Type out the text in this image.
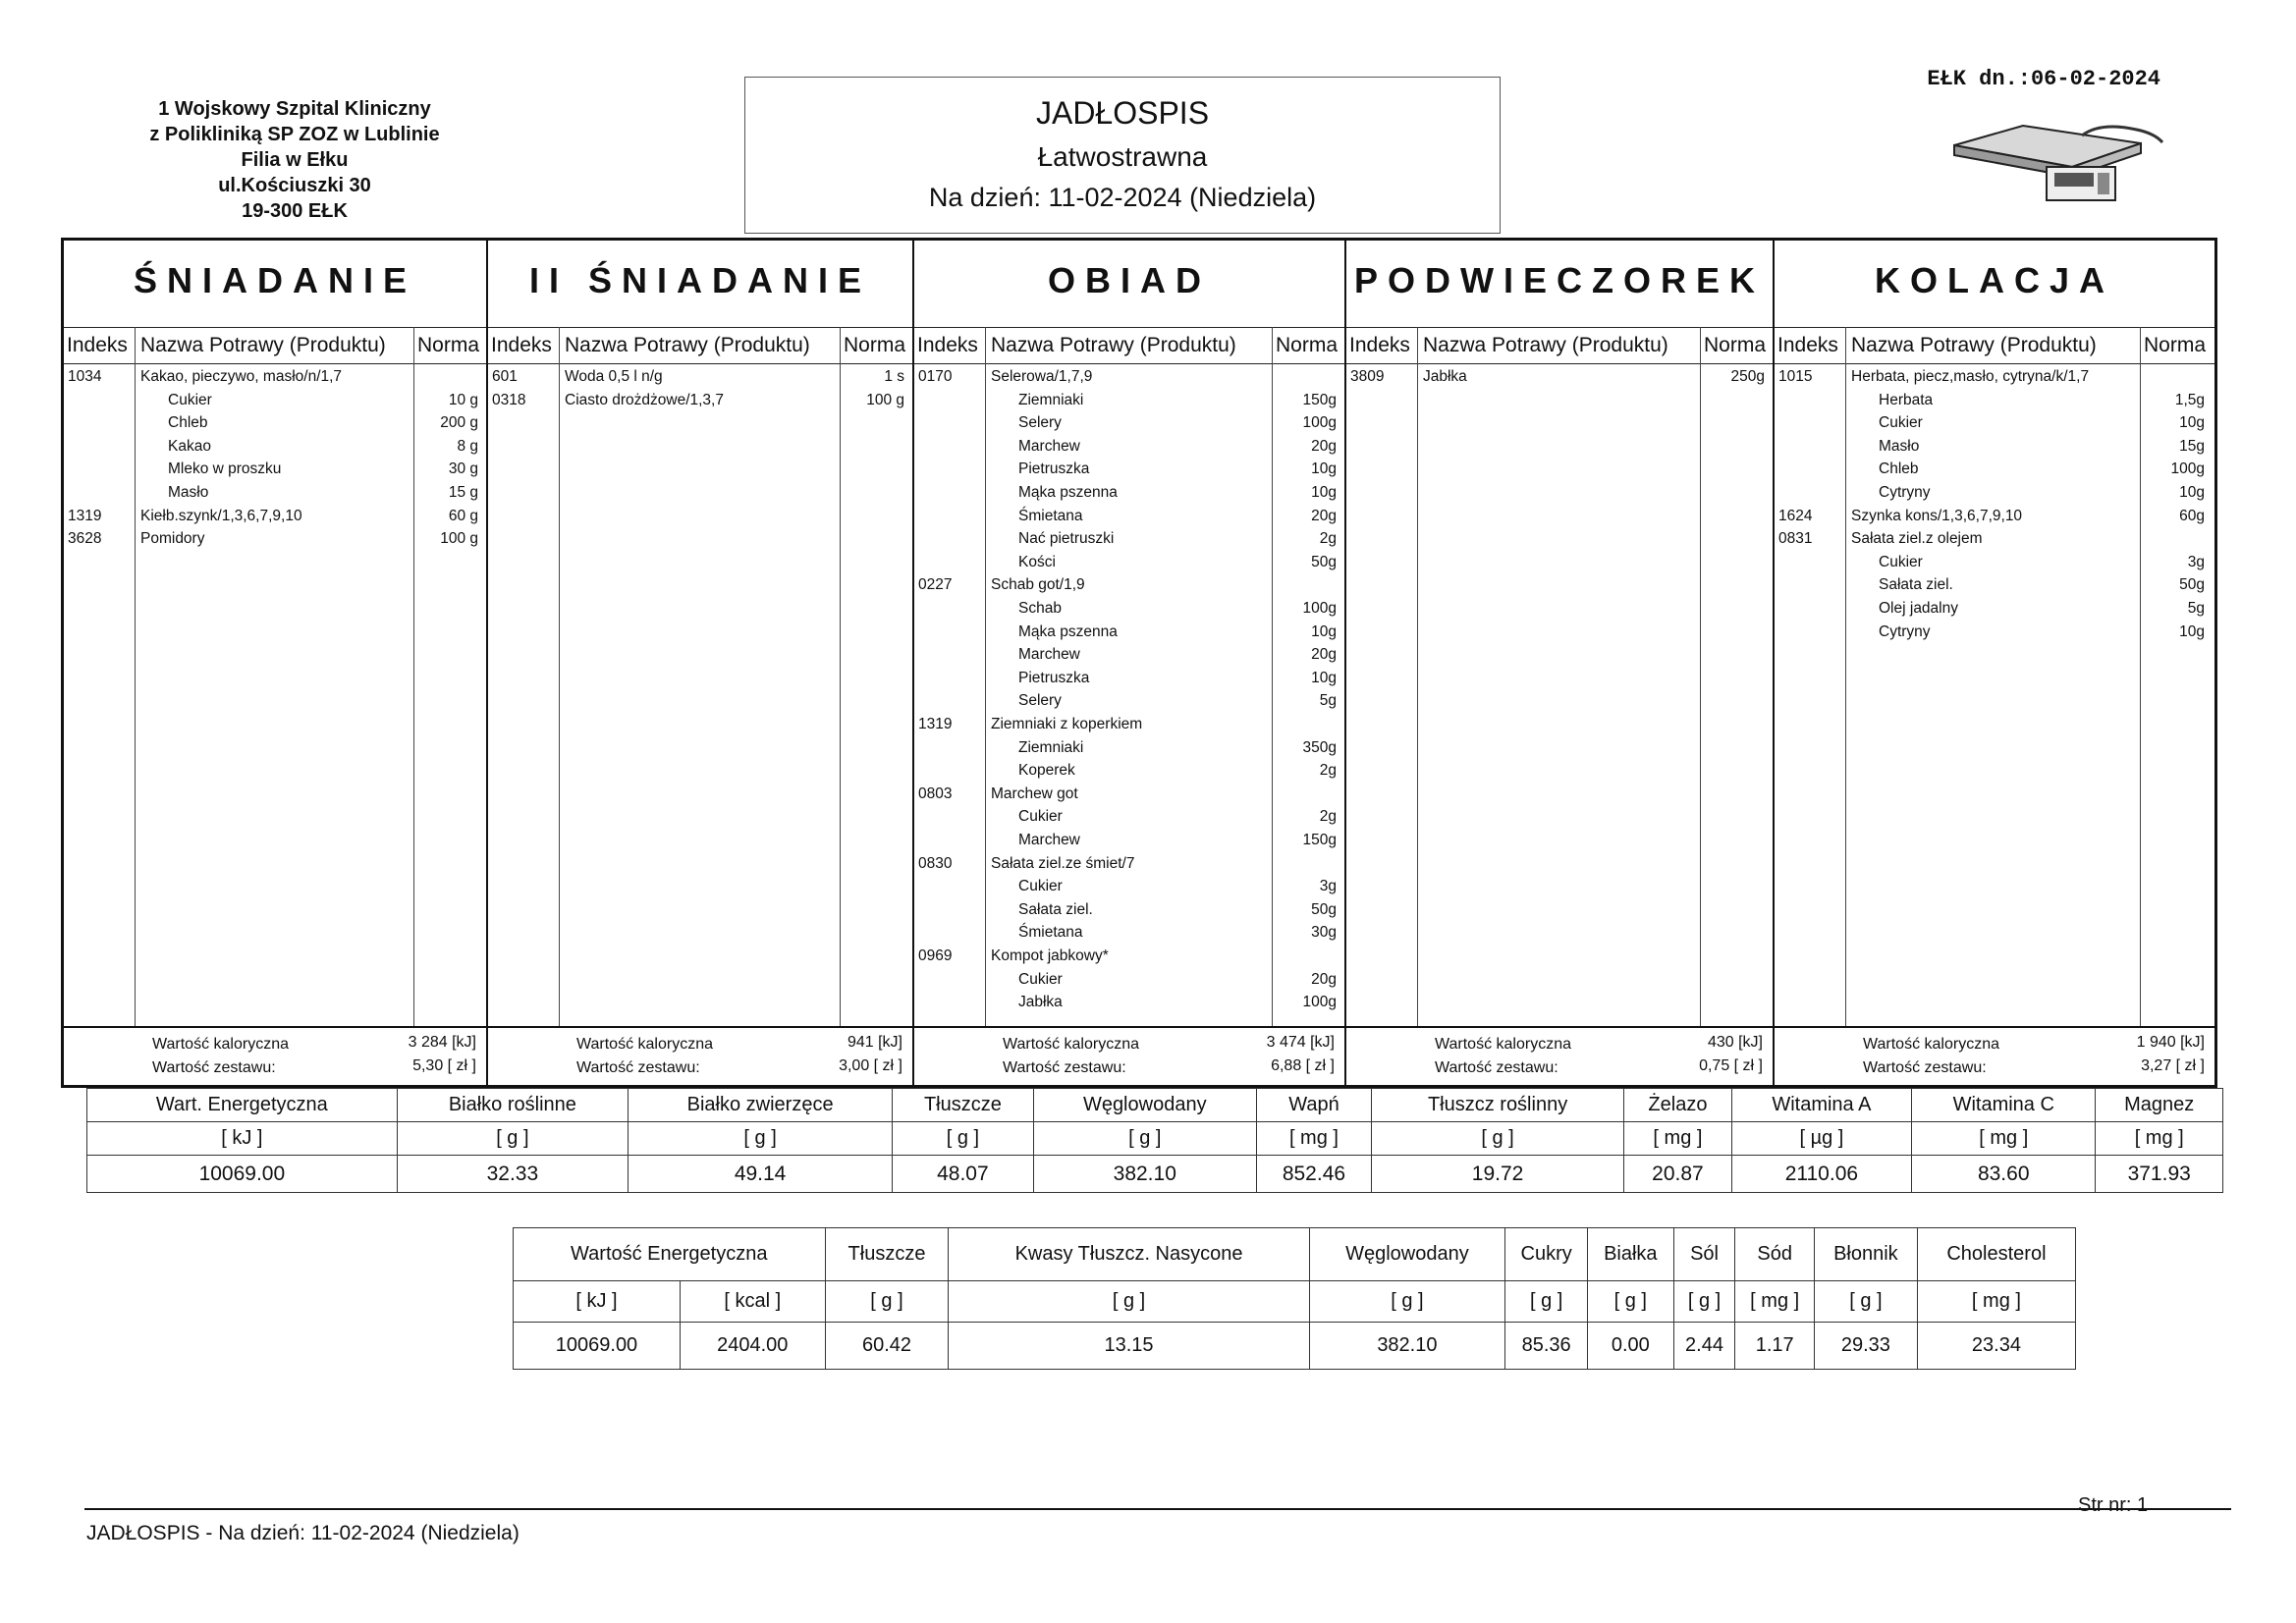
1 Wojskowy Szpital Kliniczny
z Polikliniką SP ZOZ w Lublinie
Filia w Ełku
ul.Kościuszki 30
19-300 EŁK
JADŁOSPIS
Łatwostrawna
Na dzień: 11-02-2024 (Niedziela)
EŁK dn.:06-02-2024
ŚNIADANIE
Indeks Nazwa Potrawy (Produktu) Norma
1034	Kakao, pieczywo, masło/n/1,7
Cukier	10 g
Chleb	200 g
Kakao	8 g
Mleko w proszku	30 g
Masło	15 g
1319	Kiełb.szynk/1,3,6,7,9,10	60 g
3628	Pomidory	100 g
Wartość kaloryczna	3 284 [kJ]
Wartość zestawu:	5,30 [ zł ]
II ŚNIADANIE
Indeks Nazwa Potrawy (Produktu) Norma
601	Woda 0,5 l n/g	1 s
0318	Ciasto drożdżowe/1,3,7	100 g
Wartość kaloryczna	941 [kJ]
Wartość zestawu:	3,00 [ zł ]
OBIAD
Indeks Nazwa Potrawy (Produktu) Norma
0170	Selerowa/1,7,9
Ziemniaki	150g
Selery	100g
Marchew	20g
Pietruszka	10g
Mąka pszenna	10g
Śmietana	20g
Nać pietruszki	2g
Kości	50g
0227	Schab got/1,9
Schab	100g
Mąka pszenna	10g
Marchew	20g
Pietruszka	10g
Selery	5g
1319	Ziemniaki z koperkiem
Ziemniaki	350g
Koperek	2g
0803	Marchew got
Cukier	2g
Marchew	150g
0830	Sałata ziel.ze śmiet/7
Cukier	3g
Sałata ziel.	50g
Śmietana	30g
0969	Kompot jabkowy*
Cukier	20g
Jabłka	100g
Wartość kaloryczna	3 474 [kJ]
Wartość zestawu:	6,88 [ zł ]
PODWIECZOREK
Indeks Nazwa Potrawy (Produktu) Norma
3809	Jabłka	250g
Wartość kaloryczna	430 [kJ]
Wartość zestawu:	0,75 [ zł ]
KOLACJA
Indeks Nazwa Potrawy (Produktu) Norma
1015	Herbata, piecz,masło, cytryna/k/1,7
Herbata	1,5g
Cukier	10g
Masło	15g
Chleb	100g
Cytryny	10g
1624	Szynka kons/1,3,6,7,9,10	60g
0831	Sałata ziel.z olejem
Cukier	3g
Sałata ziel.	50g
Olej jadalny	5g
Cytryny	10g
Wartość kaloryczna	1 940 [kJ]
Wartość zestawu:	3,27 [ zł ]
Wart. Energetyczna	Białko roślinne	Białko zwierzęce	Tłuszcze	Węglowodany	Wapń	Tłuszcz roślinny	Żelazo	Witamina A	Witamina C	Magnez
[ kJ ]	[ g ]	[ g ]	[ g ]	[ g ]	[ mg ]	[ g ]	[ mg ]	[ µg ]	[ mg ]	[ mg ]
10069.00	32.33	49.14	48.07	382.10	852.46	19.72	20.87	2110.06	83.60	371.93
Wartość Energetyczna		Tłuszcze	Kwasy Tłuszcz. Nasycone	Węglowodany	Cukry	Białka	Sól	Sód	Błonnik	Cholesterol
[ kJ ]	[ kcal ]	[ g ]	[ g ]	[ g ]	[ g ]	[ g ]	[ g ]	[ mg ]	[ g ]	[ mg ]
10069.00	2404.00	60.42	13.15	382.10	85.36	0.00	2.44	1.17	29.33	23.34
JADŁOSPIS - Na dzień: 11-02-2024 (Niedziela)
Str nr: 1
